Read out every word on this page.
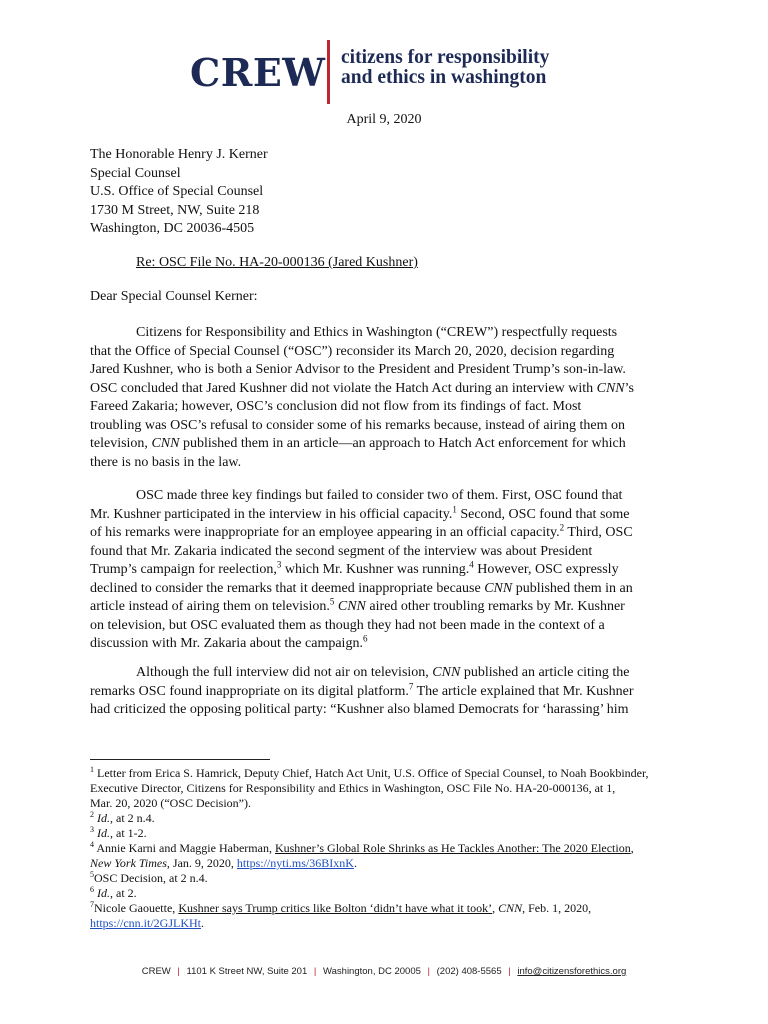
CREW citizens for responsibility
and ethics in washington
April 9, 2020
The Honorable Henry J. Kerner
Special Counsel
U.S. Office of Special Counsel
1730 M Street, NW, Suite 218
Washington, DC 20036-4505
Re: OSC File No. HA-20-000136 (Jared Kushner)
Dear Special Counsel Kerner:
Citizens for Responsibility and Ethics in Washington (“CREW”) respectfully requests
that the Office of Special Counsel (“OSC”) reconsider its March 20, 2020, decision regarding
Jared Kushner, who is both a Senior Advisor to the President and President Trump’s son-in-law.
OSC concluded that Jared Kushner did not violate the Hatch Act during an interview with CNN’s
Fareed Zakaria; however, OSC’s conclusion did not flow from its findings of fact. Most
troubling was OSC’s refusal to consider some of his remarks because, instead of airing them on
television, CNN published them in an article—an approach to Hatch Act enforcement for which
there is no basis in the law.
OSC made three key findings but failed to consider two of them. First, OSC found that
Mr. Kushner participated in the interview in his official capacity.$^1$ Second, OSC found that some
of his remarks were inappropriate for an employee appearing in an official capacity.$^2$ Third, OSC
found that Mr. Zakaria indicated the second segment of the interview was about President
Trump’s campaign for reelection,$^3$ which Mr. Kushner was running.$^4$ However, OSC expressly
declined to consider the remarks that it deemed inappropriate because CNN published them in an
article instead of airing them on television.$^5$ CNN aired other troubling remarks by Mr. Kushner
on television, but OSC evaluated them as though they had not been made in the context of a
discussion with Mr. Zakaria about the campaign.$^6$
Although the full interview did not air on television, CNN published an article citing the
remarks OSC found inappropriate on its digital platform.$^7$ The article explained that Mr. Kushner
had criticized the opposing political party: “Kushner also blamed Democrats for ‘harassing’ him
$^1$ Letter from Erica S. Hamrick, Deputy Chief, Hatch Act Unit, U.S. Office of Special Counsel, to Noah Bookbinder,
Executive Director, Citizens for Responsibility and Ethics in Washington, OSC File No. HA-20-000136, at 1,
Mar. 20, 2020 (“OSC Decision”).
$^2$ Id., at 2 n.4.
$^3$ Id., at 1-2.
$^4$ Annie Karni and Maggie Haberman, Kushner’s Global Role Shrinks as He Tackles Another: The 2020 Election,
New York Times, Jan. 9, 2020, https://nyti.ms/36BIxnK.
$^5$OSC Decision, at 2 n.4.
$^6$ Id., at 2.
$^7$Nicole Gaouette, Kushner says Trump critics like Bolton ‘didn’t have what it took’, CNN, Feb. 1, 2020,
https://cnn.it/2GJLKHt.
CREW | 1101 K Street NW, Suite 201 | Washington, DC 20005 | (202) 408-5565 | info@citizensforethics.org
